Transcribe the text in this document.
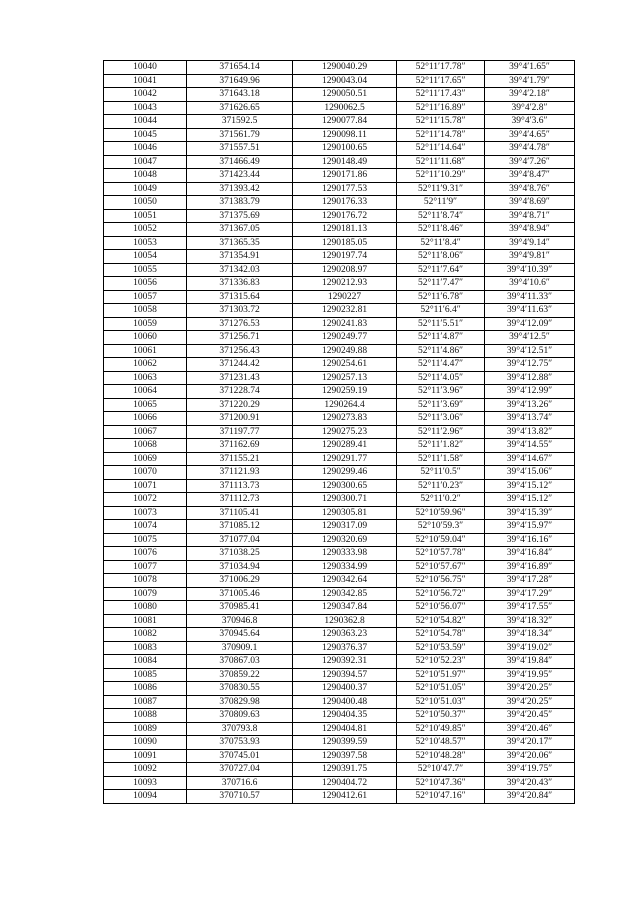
10040	371654.14	1290040.29	52°11′17.78″	39°4′1.65″
10041	371649.96	1290043.04	52°11′17.65″	39°4′1.79″
10042	371643.18	1290050.51	52°11′17.43″	39°4′2.18″
10043	371626.65	1290062.5	52°11′16.89″	39°4′2.8″
10044	371592.5	1290077.84	52°11′15.78″	39°4′3.6″
10045	371561.79	1290098.11	52°11′14.78″	39°4′4.65″
10046	371557.51	1290100.65	52°11′14.64″	39°4′4.78″
10047	371466.49	1290148.49	52°11′11.68″	39°4′7.26″
10048	371423.44	1290171.86	52°11′10.29″	39°4′8.47″
10049	371393.42	1290177.53	52°11′9.31″	39°4′8.76″
10050	371383.79	1290176.33	52°11′9″	39°4′8.69″
10051	371375.69	1290176.72	52°11′8.74″	39°4′8.71″
10052	371367.05	1290181.13	52°11′8.46″	39°4′8.94″
10053	371365.35	1290185.05	52°11′8.4″	39°4′9.14″
10054	371354.91	1290197.74	52°11′8.06″	39°4′9.81″
10055	371342.03	1290208.97	52°11′7.64″	39°4′10.39″
10056	371336.83	1290212.93	52°11′7.47″	39°4′10.6″
10057	371315.64	1290227	52°11′6.78″	39°4′11.33″
10058	371303.72	1290232.81	52°11′6.4″	39°4′11.63″
10059	371276.53	1290241.83	52°11′5.51″	39°4′12.09″
10060	371256.71	1290249.77	52°11′4.87″	39°4′12.5″
10061	371256.43	1290249.88	52°11′4.86″	39°4′12.51″
10062	371244.42	1290254.61	52°11′4.47″	39°4′12.75″
10063	371231.43	1290257.13	52°11′4.05″	39°4′12.88″
10064	371228.74	1290259.19	52°11′3.96″	39°4′12.99″
10065	371220.29	1290264.4	52°11′3.69″	39°4′13.26″
10066	371200.91	1290273.83	52°11′3.06″	39°4′13.74″
10067	371197.77	1290275.23	52°11′2.96″	39°4′13.82″
10068	371162.69	1290289.41	52°11′1.82″	39°4′14.55″
10069	371155.21	1290291.77	52°11′1.58″	39°4′14.67″
10070	371121.93	1290299.46	52°11′0.5″	39°4′15.06″
10071	371113.73	1290300.65	52°11′0.23″	39°4′15.12″
10072	371112.73	1290300.71	52°11′0.2″	39°4′15.12″
10073	371105.41	1290305.81	52°10′59.96″	39°4′15.39″
10074	371085.12	1290317.09	52°10′59.3″	39°4′15.97″
10075	371077.04	1290320.69	52°10′59.04″	39°4′16.16″
10076	371038.25	1290333.98	52°10′57.78″	39°4′16.84″
10077	371034.94	1290334.99	52°10′57.67″	39°4′16.89″
10078	371006.29	1290342.64	52°10′56.75″	39°4′17.28″
10079	371005.46	1290342.85	52°10′56.72″	39°4′17.29″
10080	370985.41	1290347.84	52°10′56.07″	39°4′17.55″
10081	370946.8	1290362.8	52°10′54.82″	39°4′18.32″
10082	370945.64	1290363.23	52°10′54.78″	39°4′18.34″
10083	370909.1	1290376.37	52°10′53.59″	39°4′19.02″
10084	370867.03	1290392.31	52°10′52.23″	39°4′19.84″
10085	370859.22	1290394.57	52°10′51.97″	39°4′19.95″
10086	370830.55	1290400.37	52°10′51.05″	39°4′20.25″
10087	370829.98	1290400.48	52°10′51.03″	39°4′20.25″
10088	370809.63	1290404.35	52°10′50.37″	39°4′20.45″
10089	370793.8	1290404.81	52°10′49.85″	39°4′20.46″
10090	370753.93	1290399.59	52°10′48.57″	39°4′20.17″
10091	370745.01	1290397.58	52°10′48.28″	39°4′20.06″
10092	370727.04	1290391.75	52°10′47.7″	39°4′19.75″
10093	370716.6	1290404.72	52°10′47.36″	39°4′20.43″
10094	370710.57	1290412.61	52°10′47.16″	39°4′20.84″
